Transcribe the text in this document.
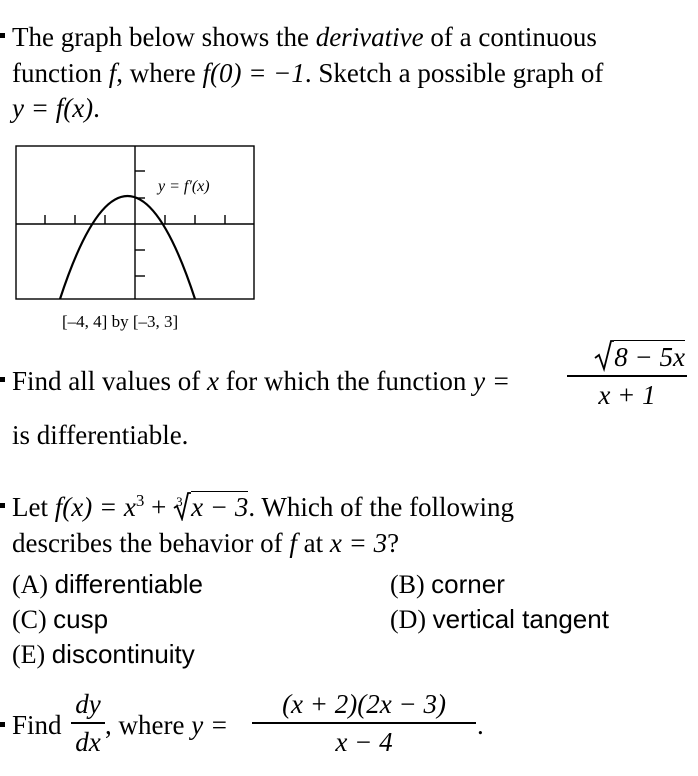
The graph below shows the derivative of a continuous
function f, where f(0) = −1. Sketch a possible graph of
y = f(x).
y = f′(x)
[–4, 4] by [–3, 3]
Find all values of x for which the function y =
8 − 5x
x + 1
is differentiable.
Let $f(x) = x^3 + 3$ x − 3. Which of the following
describes the behavior of f at x = 3?
(A) differentiable	(B) corner
(C) cusp	(D) vertical tangent
(E) discontinuity
Find
dy
dx
, where y =
(x + 2)(2x − 3)
x − 4
.
